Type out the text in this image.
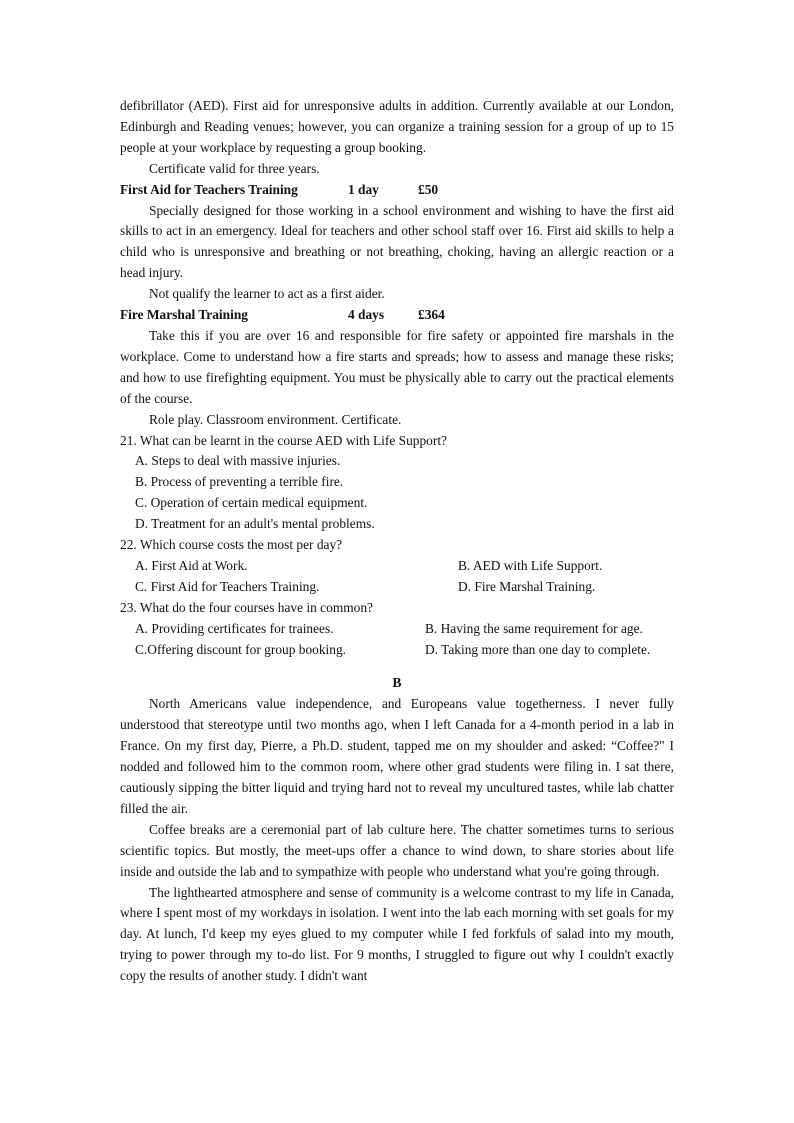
defibrillator (AED). First aid for unresponsive adults in addition. Currently available at our London, Edinburgh and Reading venues; however, you can organize a training session for a group of up to 15 people at your workplace by requesting a group booking.

Certificate valid for three years.

First Aid for Teachers Training	1 day	£50

Specially designed for those working in a school environment and wishing to have the first aid skills to act in an emergency. Ideal for teachers and other school staff over 16. First aid skills to help a child who is unresponsive and breathing or not breathing, choking, having an allergic reaction or a head injury.

Not qualify the learner to act as a first aider.

Fire Marshal Training	4 days	£364

Take this if you are over 16 and responsible for fire safety or appointed fire marshals in the workplace. Come to understand how a fire starts and spreads; how to assess and manage these risks; and how to use firefighting equipment. You must be physically able to carry out the practical elements of the course.

Role play. Classroom environment. Certificate.

21. What can be learnt in the course AED with Life Support?

A. Steps to deal with massive injuries.
B. Process of preventing a terrible fire.
C. Operation of certain medical equipment.
D. Treatment for an adult's mental problems.

22. Which course costs the most per day?

A. First Aid at Work.	B. AED with Life Support.
C. First Aid for Teachers Training.	D. Fire Marshal Training.

23. What do the four courses have in common?

A. Providing certificates for trainees.	B. Having the same requirement for age.
C.Offering discount for group booking.	D. Taking more than one day to complete.
B

North Americans value independence, and Europeans value togetherness. I never fully understood that stereotype until two months ago, when I left Canada for a 4-month period in a lab in France. On my first day, Pierre, a Ph.D. student, tapped me on my shoulder and asked: “Coffee?" I nodded and followed him to the common room, where other grad students were filing in. I sat there, cautiously sipping the bitter liquid and trying hard not to reveal my uncultured tastes, while lab chatter filled the air.

Coffee breaks are a ceremonial part of lab culture here. The chatter sometimes turns to serious scientific topics. But mostly, the meet-ups offer a chance to wind down, to share stories about life inside and outside the lab and to sympathize with people who understand what you're going through.

The lighthearted atmosphere and sense of community is a welcome contrast to my life in Canada, where I spent most of my workdays in isolation. I went into the lab each morning with set goals for my day. At lunch, I'd keep my eyes glued to my computer while I fed forkfuls of salad into my mouth, trying to power through my to-do list. For 9 months, I struggled to figure out why I couldn't exactly copy the results of another study. I didn't want
